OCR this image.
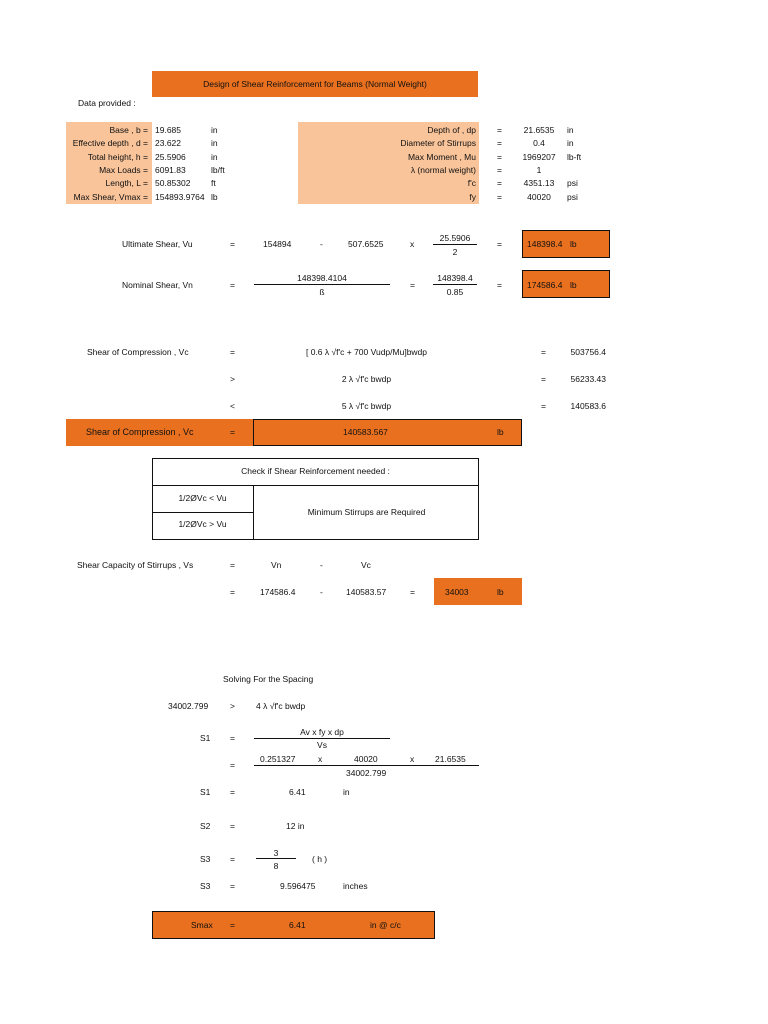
Design of Shear Reinforcement for Beams (Normal Weight)
Data provided :
Base , b = 19.685	in
Effective depth , d = 23.622	in
Total height, h = 25.5906	in
Max Loads = 6091.83	lb/ft
Length, L = 50.85302 ft
Max Shear, Vmax = 154893.9764 lb
Depth of , dp =	21.6535	in
Diameter of Stirrups =	0.4	in
Max Moment , Mu =	1969207	lb-ft
λ (normal weight) =	1
f'c =	4351.13	psi
fy =	40020	psi
Ultimate Shear, Vu	=	154894	-	507.6525	x
25.5906
2
=	148398.4 lb
Nominal Shear, Vn	=
148398.4104
ß
=
148398.4
0.85
=	174586.4 lb
Shear of Compression , Vc	=	[ 0.6 λ √f'c + 700 Vudp/Mu]bwdp	=	503756.4
>	2 λ √f'c bwdp	=	56233.43
<	5 λ √f'c bwdp	=	140583.6
Shear of Compression , Vc	=	140583.567	lb
Check if Shear Reinforcement needed :
1/2ØVc < Vu
1/2ØVc > Vu
Minimum Stirrups are Required
Shear Capacity of Stirrups , Vs	=	Vn	-	Vc
=	174586.4	-	140583.57	=	34003	lb
Solving For the Spacing
34002.799	> 4 λ √f'c bwdp
S1 =
Av x fy x dp
Vs
=
0.251327	x	40020	x 21.6535
34002.799
S1 =	6.41	in
S2 =	12 in
S3 =
3
8
( h )
S3 =	9.596475	inches
Smax =	6.41	in @ c/c
